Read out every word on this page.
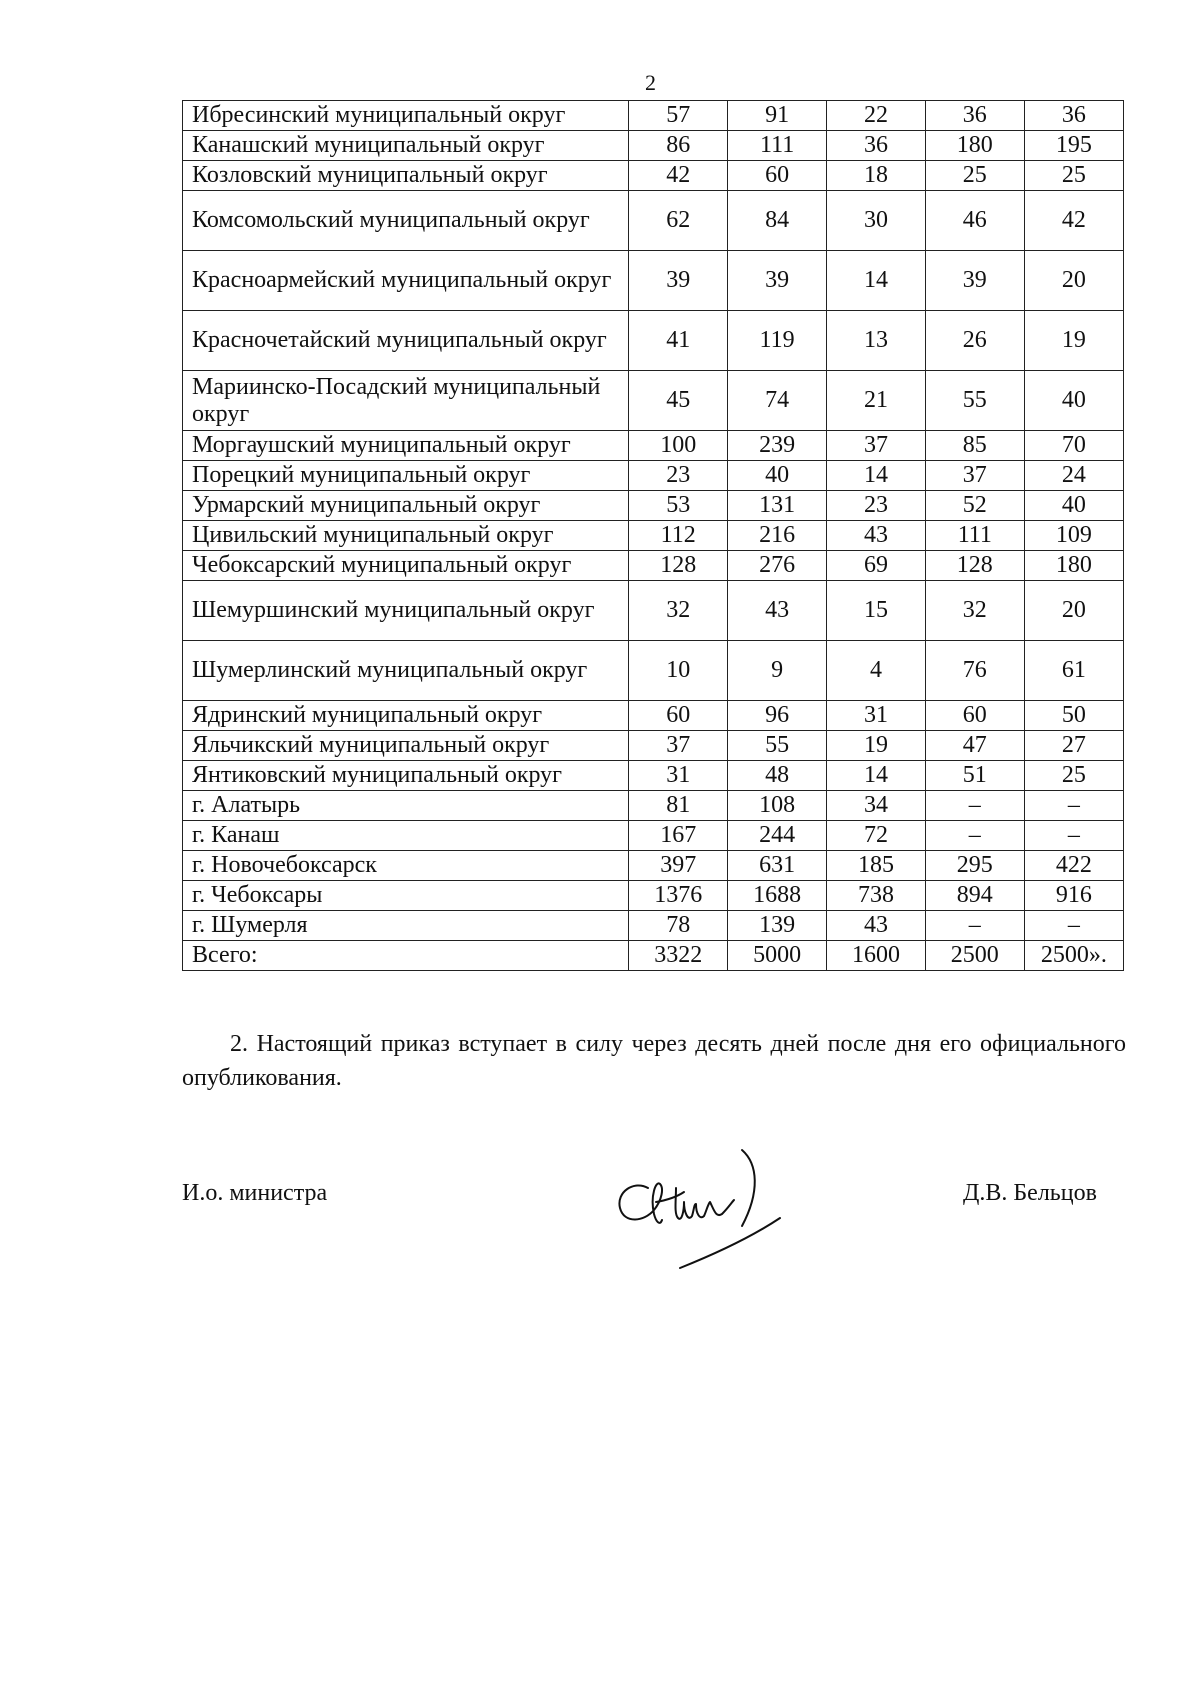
2
Ибресинский муниципальный округ	57	91	22	36	36
Канашский муниципальный округ	86	111	36	180	195
Козловский муниципальный округ	42	60	18	25	25
Комсомольский муниципальный округ	62	84	30	46	42
Красноармейский муниципальный округ	39	39	14	39	20
Красночетайский муниципальный округ	41	119	13	26	19
Мариинско-Посадский муниципальный округ	45	74	21	55	40
Моргаушский муниципальный округ	100	239	37	85	70
Порецкий муниципальный округ	23	40	14	37	24
Урмарский муниципальный округ	53	131	23	52	40
Цивильский муниципальный округ	112	216	43	111	109
Чебоксарский муниципальный округ	128	276	69	128	180
Шемуршинский муниципальный округ	32	43	15	32	20
Шумерлинский муниципальный округ	10	9	4	76	61
Ядринский муниципальный округ	60	96	31	60	50
Яльчикский муниципальный округ	37	55	19	47	27
Янтиковский муниципальный округ	31	48	14	51	25
г. Алатырь	81	108	34	–	–
г. Канаш	167	244	72	–	–
г. Новочебоксарск	397	631	185	295	422
г. Чебоксары	1376	1688	738	894	916
г. Шумерля	78	139	43	–	–
Всего:	3322	5000	1600	2500	2500».
2. Настоящий приказ вступает в силу через десять дней после дня его официального опубликования.
И.о. министра	Д.В. Бельцов
